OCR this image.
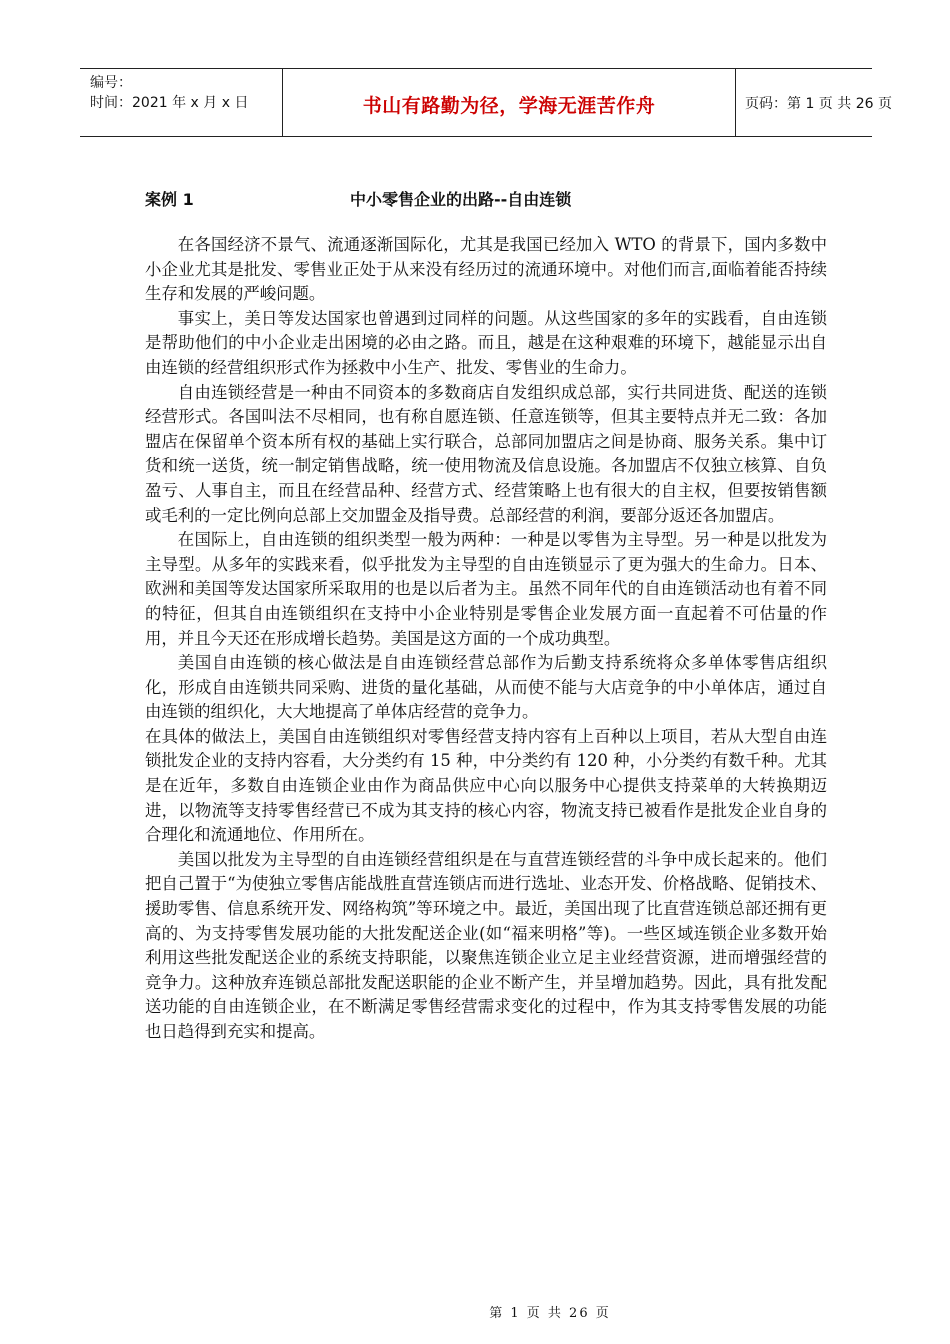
编号：
时间：2021 年 x 月 x 日	书山有路勤为径，学海无涯苦作舟	页码：第 1 页 共 26 页
案例 1	中小零售企业的出路--自由连锁

在各国经济不景气、流通逐渐国际化，尤其是我国已经加入 WTO 的背景下，国内多数中小企业尤其是批发、零售业正处于从来没有经历过的流通环境中。对他们而言,面临着能否持续生存和发展的严峻问题。

事实上，美日等发达国家也曾遇到过同样的问题。从这些国家的多年的实践看，自由连锁是帮助他们的中小企业走出困境的必由之路。而且，越是在这种艰难的环境下，越能显示出自由连锁的经营组织形式作为拯救中小生产、批发、零售业的生命力。

自由连锁经营是一种由不同资本的多数商店自发组织成总部，实行共同进货、配送的连锁经营形式。各国叫法不尽相同，也有称自愿连锁、任意连锁等，但其主要特点并无二致：各加盟店在保留单个资本所有权的基础上实行联合，总部同加盟店之间是协商、服务关系。集中订货和统一送货，统一制定销售战略，统一使用物流及信息设施。各加盟店不仅独立核算、自负盈亏、人事自主，而且在经营品种、经营方式、经营策略上也有很大的自主权，但要按销售额或毛利的一定比例向总部上交加盟金及指导费。总部经营的利润，要部分返还各加盟店。

在国际上，自由连锁的组织类型一般为两种：一种是以零售为主导型。另一种是以批发为主导型。从多年的实践来看，似乎批发为主导型的自由连锁显示了更为强大的生命力。日本、欧洲和美国等发达国家所采取用的也是以后者为主。虽然不同年代的自由连锁活动也有着不同的特征，但其自由连锁组织在支持中小企业特别是零售企业发展方面一直起着不可估量的作用，并且今天还在形成增长趋势。美国是这方面的一个成功典型。

美国自由连锁的核心做法是自由连锁经营总部作为后勤支持系统将众多单体零售店组织化，形成自由连锁共同采购、进货的量化基础，从而使不能与大店竞争的中小单体店，通过自由连锁的组织化，大大地提高了单体店经营的竞争力。

在具体的做法上，美国自由连锁组织对零售经营支持内容有上百种以上项目，若从大型自由连锁批发企业的支持内容看，大分类约有 15 种，中分类约有 120 种，小分类约有数千种。尤其是在近年，多数自由连锁企业由作为商品供应中心向以服务中心提供支持菜单的大转换期迈进，以物流等支持零售经营已不成为其支持的核心内容，物流支持已被看作是批发企业自身的合理化和流通地位、作用所在。

美国以批发为主导型的自由连锁经营组织是在与直营连锁经营的斗争中成长起来的。他们把自己置于“为使独立零售店能战胜直营连锁店而进行选址、业态开发、价格战略、促销技术、援助零售、信息系统开发、网络构筑”等环境之中。最近，美国出现了比直营连锁总部还拥有更高的、为支持零售发展功能的大批发配送企业(如“福来明格”等)。一些区域连锁企业多数开始利用这些批发配送企业的系统支持职能，以聚焦连锁企业立足主业经营资源，进而增强经营的竞争力。这种放弃连锁总部批发配送职能的企业不断产生，并呈增加趋势。因此，具有批发配送功能的自由连锁企业，在不断满足零售经营需求变化的过程中，作为其支持零售发展的功能也日趋得到充实和提高。

第 1 页 共 26 页
